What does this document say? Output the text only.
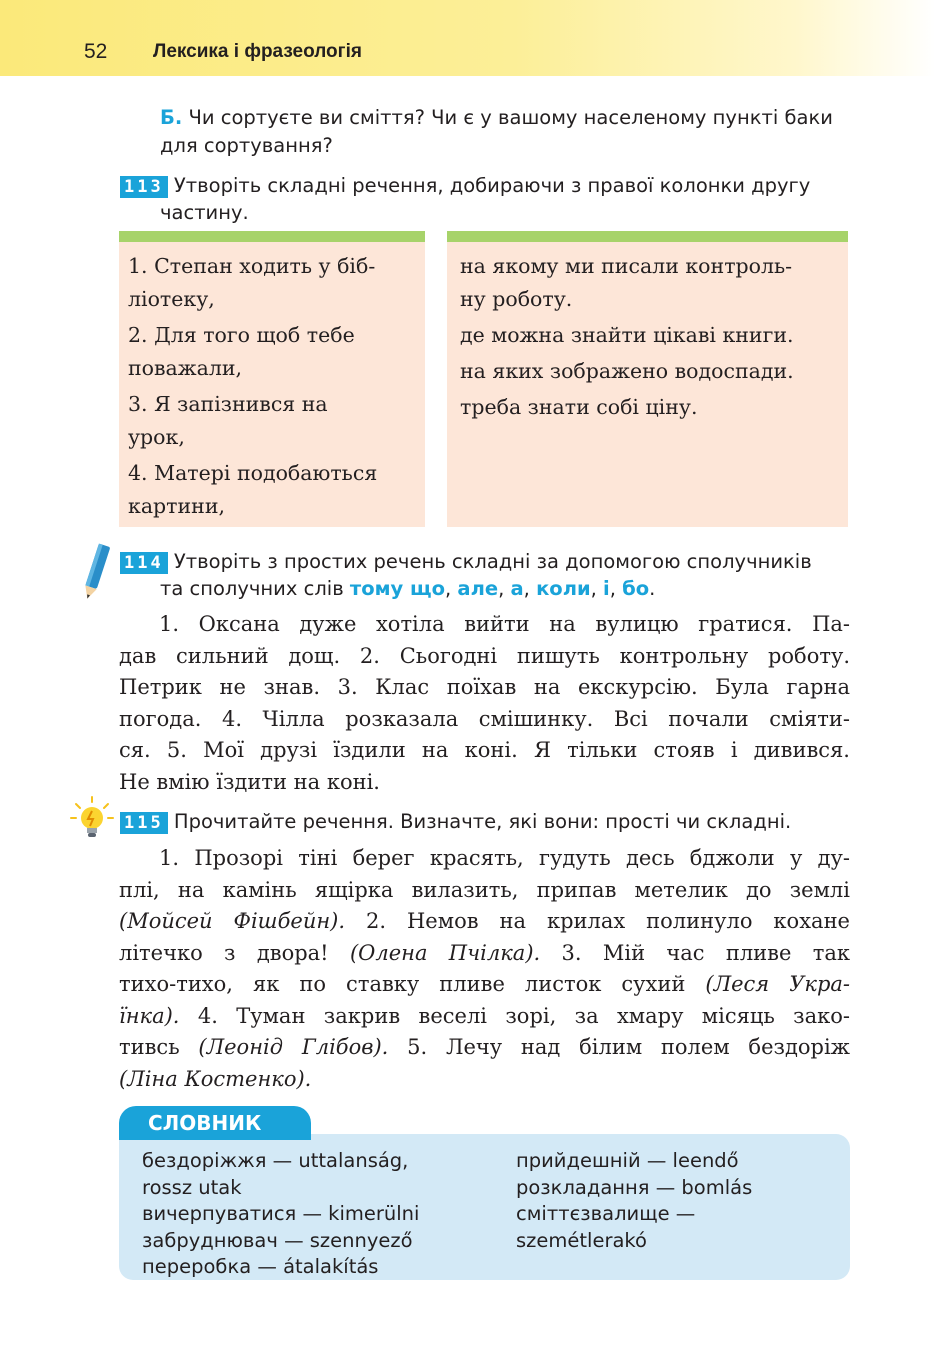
52 Лексика і фразеологія
Б. Чи сортуєте ви сміття? Чи є у вашому населеному пункті баки для сортування?
113 Утворіть складні речення, добираючи з правої колонки другу
частину.

1. Степан ходить у біб-
ліотеку,

2. Для того щоб тебе
поважали,

3. Я запізнився на
урок,

4. Матері подобаються
картини,

на якому ми писали контроль-
ну роботу.

де можна знайти цікаві книги.

на яких зображено водоспади.

треба знати собі ціну.

114 Утворіть з простих речень складні за допомогою сполучників
та сполучних слів тому що, але, а, коли, і, бо.
1. Оксана дуже хотіла вийти на вулицю гратися. Па-
дав сильний дощ. 2. Сьогодні пишуть контрольну роботу.
Петрик не знав. 3. Клас поїхав на екскурсію. Була гарна
погода. 4. Чілла розказала смішинку. Всі почали сміяти-
ся. 5. Мої друзі їздили на коні. Я тільки стояв і дивився.
Не вмію їздити на коні.
115 Прочитайте речення. Визначте, які вони: прості чи складні.
1. Прозорі тіні берег красять, гудуть десь бджоли у ду-
плі, на камінь ящірка вилазить, припав метелик до землі
(Мойсей Фішбейн). 2. Немов на крилах полинуло кохане
літечко з двора! (Олена Пчілка). 3. Мій час пливе так
тихо-тихо, як по ставку пливе листок сухий (Леся Укра-
їнка). 4. Туман закрив веселі зорі, за хмару місяць зако-
тивсь (Леонід Глібов). 5. Лечу над білим полем бездоріж
(Ліна Костенко).
СЛОВНИК
бездоріжжя — uttalanság,
rossz utak
вичерпуватися — kimerülni
забруднювач — szennyező
переробка — átalakítás
прийдешній — leendő
розкладання — bomlás
сміттєзвалище —
szemétlerakó
